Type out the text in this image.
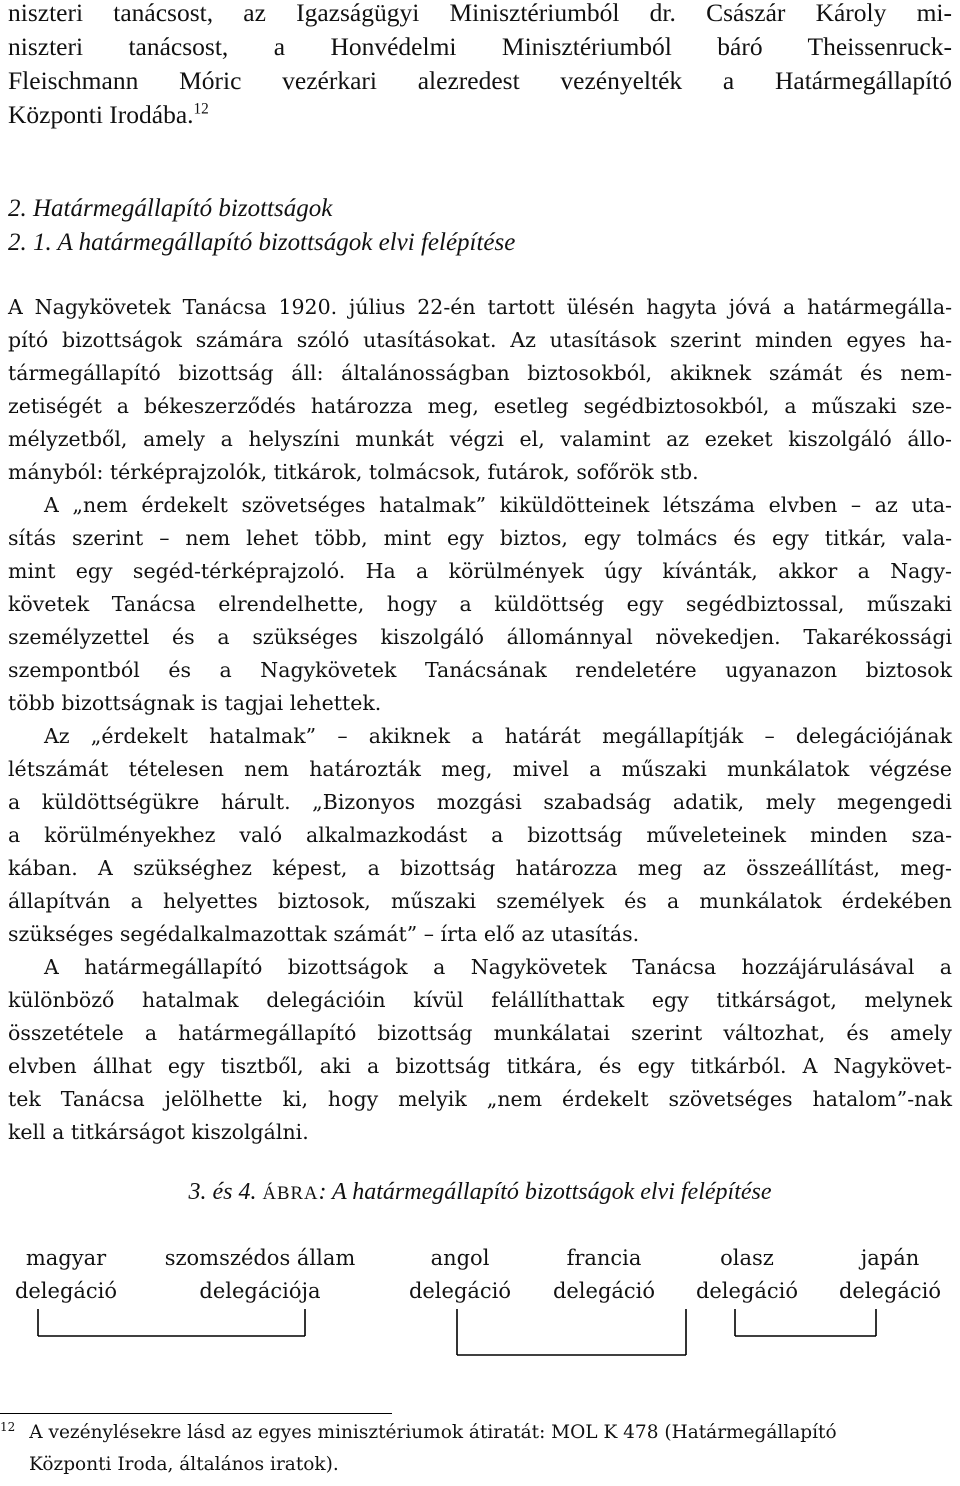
niszteri tanácsost, az Igazságügyi Minisztériumból dr. Császár Károly mi-
niszteri tanácsost, a Honvédelmi Minisztériumból báró Theissenruck-
Fleischmann Móric vezérkari alezredest vezényelték a Határmegállapító
Központi Irodába.$^{12}$
2. Határmegállapító bizottságok
2. 1. A határmegállapító bizottságok elvi felépítése
A Nagykövetek Tanácsa 1920. július 22-én tartott ülésén hagyta jóvá a határmegálla-
pító bizottságok számára szóló utasításokat. Az utasítások szerint minden egyes ha-
tármegállapító bizottság áll: általánosságban biztosokból, akiknek számát és nem-
zetiségét a békeszerződés határozza meg, esetleg segédbiztosokból, a műszaki sze-
mélyzetből, amely a helyszíni munkát végzi el, valamint az ezeket kiszolgáló állo-
mányból: térképrajzolók, titkárok, tolmácsok, futárok, sofőrök stb.
A „nem érdekelt szövetséges hatalmak” kiküldötteinek létszáma elvben – az uta-
sítás szerint – nem lehet több, mint egy biztos, egy tolmács és egy titkár, vala-
mint egy segéd-térképrajzoló. Ha a körülmények úgy kívánták, akkor a Nagy-
követek Tanácsa elrendelhette, hogy a küldöttség egy segédbiztossal, műszaki
személyzettel és a szükséges kiszolgáló állománnyal növekedjen. Takarékossági
szempontból és a Nagykövetek Tanácsának rendeletére ugyanazon biztosok
több bizottságnak is tagjai lehettek.
Az „érdekelt hatalmak” – akiknek a határát megállapítják – delegációjának
létszámát tételesen nem határozták meg, mivel a műszaki munkálatok végzése
a küldöttségükre hárult. „Bizonyos mozgási szabadság adatik, mely megengedi
a körülményekhez való alkalmazkodást a bizottság műveleteinek minden sza-
kában. A szükséghez képest, a bizottság határozza meg az összeállítást, meg-
állapítván a helyettes biztosok, műszaki személyek és a munkálatok érdekében
szükséges segédalkalmazottak számát” – írta elő az utasítás.
A határmegállapító bizottságok a Nagykövetek Tanácsa hozzájárulásával a
különböző hatalmak delegációin kívül felállíthattak egy titkárságot, melynek
összetétele a határmegállapító bizottság munkálatai szerint változhat, és amely
elvben állhat egy tisztből, aki a bizottság titkára, és egy titkárból. A Nagykövet-
tek Tanácsa jelölhette ki, hogy melyik „nem érdekelt szövetséges hatalom”-nak
kell a titkárságot kiszolgálni.
3. és 4. ÁBRA: A határmegállapító bizottságok elvi felépítése
magyar
delegáció
szomszédos állam
delegációja
angol
delegáció
francia
delegáció
olasz
delegáció
japán
delegáció
$^{12}$ A vezénylésekre lásd az egyes minisztériumok átiratát: MOL K 478 (Határmegállapító
Központi Iroda, általános iratok).
